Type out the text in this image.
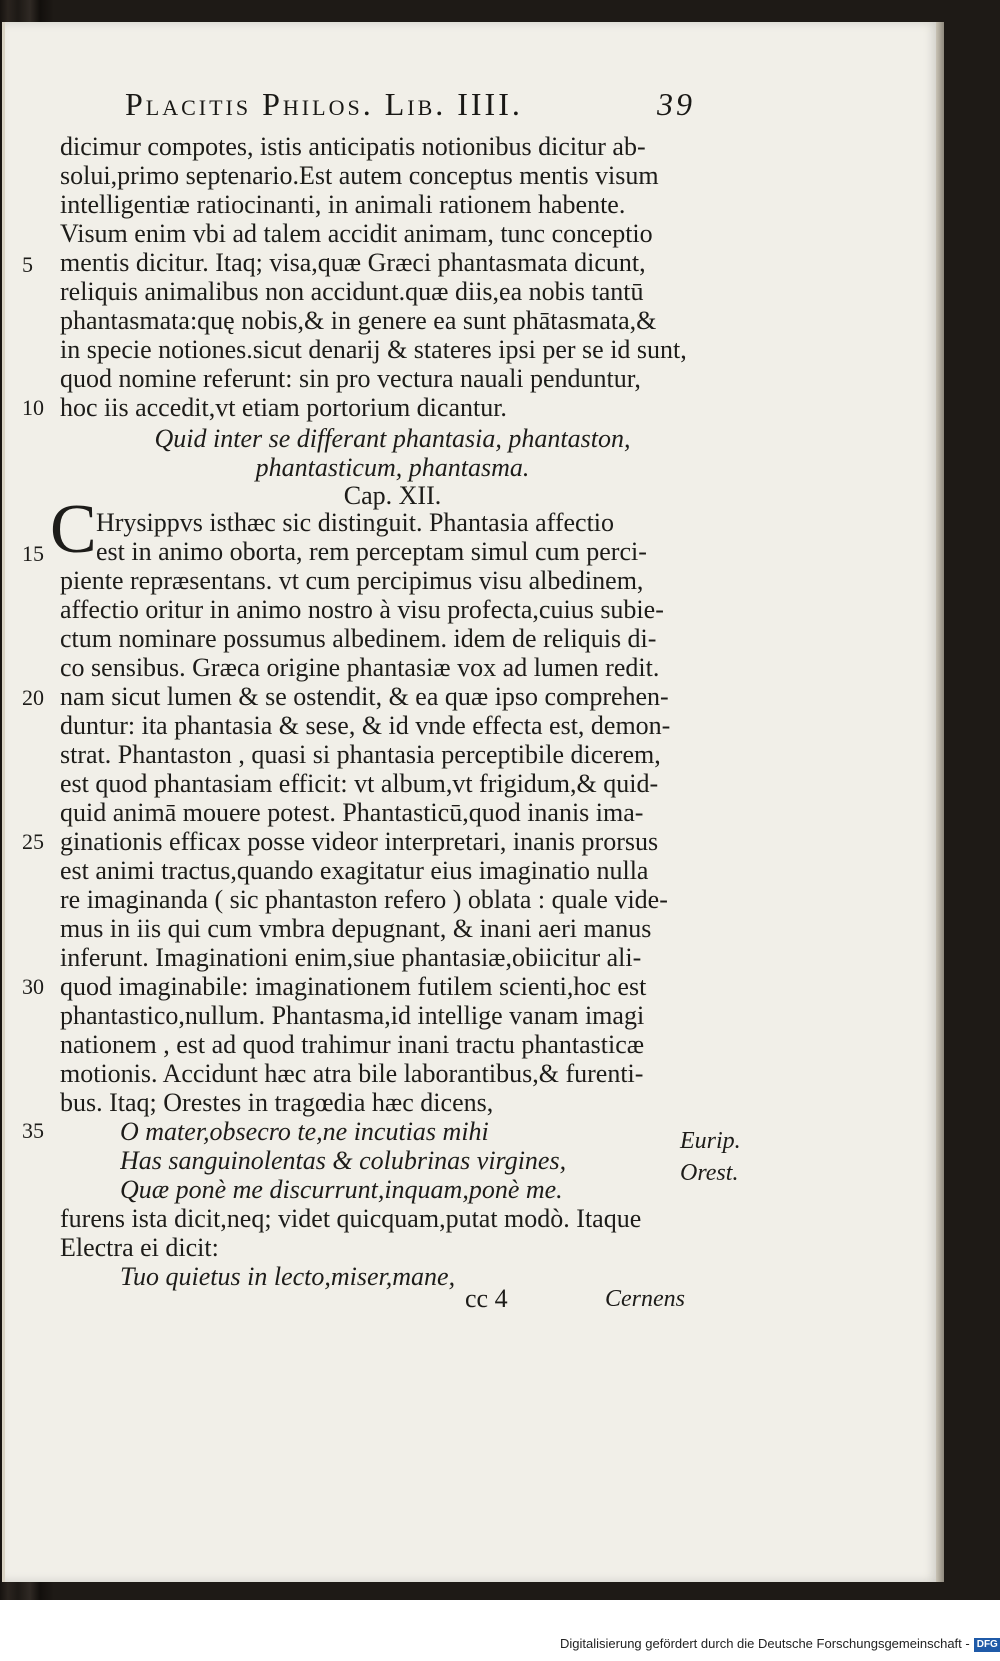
Placitis Philos. Lib. IIII.	39
dicimur compotes, istis anticipatis notionibus dicitur ab-
solui,primo septenario.Est autem conceptus mentis visum
intelligentiæ ratiocinanti, in animali rationem habente.
Visum enim vbi ad talem accidit animam, tunc conceptio
5	mentis dicitur. Itaq; visa,quæ Græci phantasmata dicunt,
reliquis animalibus non accidunt.quæ diis,ea nobis tantū
phantasmata:quę nobis,& in genere ea sunt phātasmata,&
in specie notiones.sicut denarij & stateres ipsi per se id sunt,
quod nomine referunt: sin pro vectura nauali penduntur,
10 hoc iis accedit,vt etiam portorium dicantur.
Quid inter se differant phantasia, phantaston,
phantasticum, phantasma.
Cap. XII.
C Hrysippvs isthæc sic distinguit. Phantasia affectio
15	est in animo oborta, rem perceptam simul cum perci-
piente repræsentans. vt cum percipimus visu albedinem,
affectio oritur in animo nostro à visu profecta,cuius subie-
ctum nominare possumus albedinem. idem de reliquis di-
co sensibus. Græca origine phantasiæ vox ad lumen redit.
20 nam sicut lumen & se ostendit, & ea quæ ipso comprehen-
duntur: ita phantasia & sese, & id vnde effecta est, demon-
strat. Phantaston , quasi si phantasia perceptibile dicerem,
est quod phantasiam efficit: vt album,vt frigidum,& quid-
quid animā mouere potest. Phantasticū,quod inanis ima-
25 ginationis efficax posse videor interpretari, inanis prorsus
est animi tractus,quando exagitatur eius imaginatio nulla
re imaginanda ( sic phantaston refero ) oblata : quale vide-
mus in iis qui cum vmbra depugnant, & inani aeri manus
inferunt. Imaginationi enim,siue phantasiæ,obiicitur ali-
30 quod imaginabile: imaginationem futilem scienti,hoc est
phantastico,nullum. Phantasma,id intellige vanam imagi
nationem , est ad quod trahimur inani tractu phantasticæ
motionis. Accidunt hæc atra bile laborantibus,& furenti-
bus. Itaq; Orestes in tragœdia hæc dicens,
35	O mater,obsecro te,ne incutias mihi
Has sanguinolentas & colubrinas virgines,
Quæ ponè me discurrunt,inquam,ponè me.
Eurip.
Orest.
furens ista dicit,neq; videt quicquam,putat modò. Itaque
Electra ei dicit:
Tuo quietus in lecto,miser,mane,
cc 4	Cernens
Digitalisierung gefördert durch die Deutsche Forschungsgemeinschaft - DFG
